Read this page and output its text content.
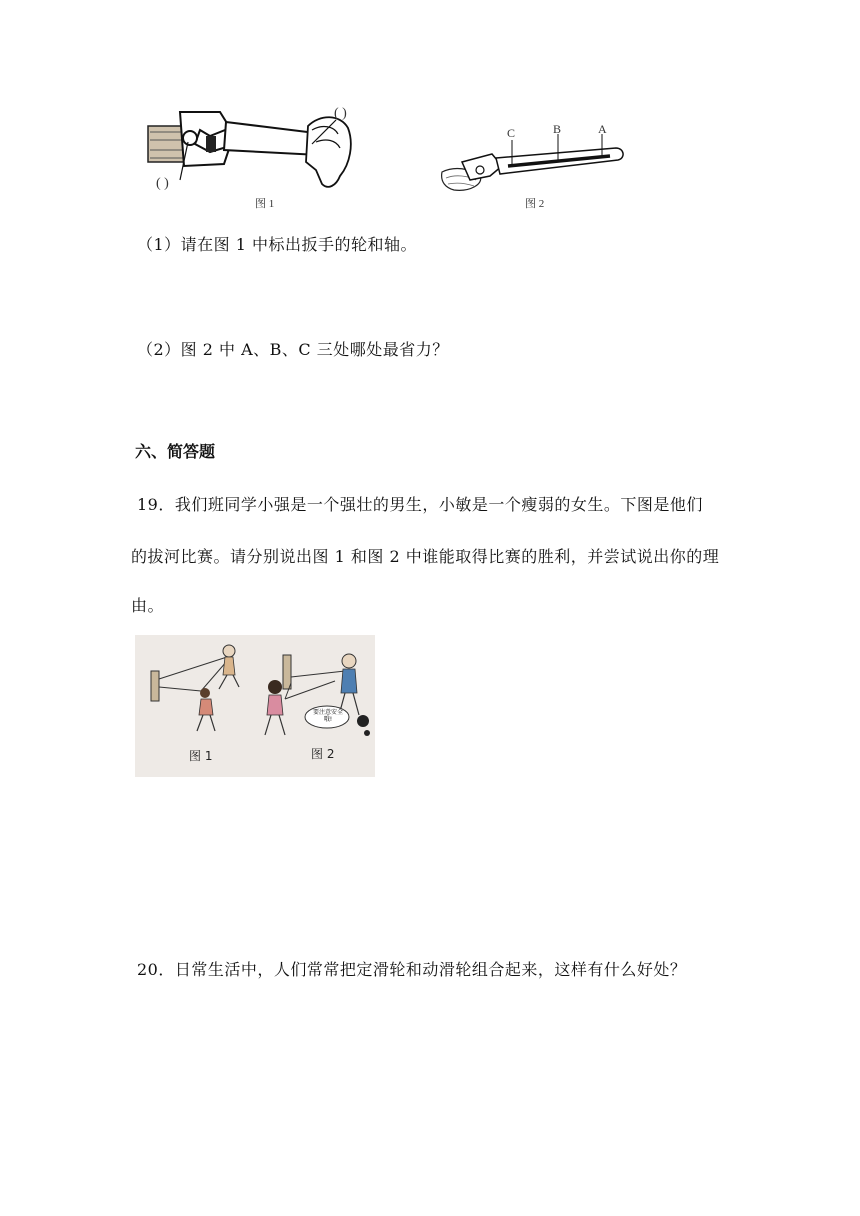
( )
( )
图 1
C	B	A
图 2
（1）请在图 1 中标出扳手的轮和轴。
（2）图 2 中 A、B、C 三处哪处最省力？
六、简答题
19．我们班同学小强是一个强壮的男生，小敏是一个瘦弱的女生。下图是他们
的拔河比赛。请分别说出图 1 和图 2 中谁能取得比赛的胜利，并尝试说出你的理
由。
图 1	图 2
要注意安全哦!
20．日常生活中，人们常常把定滑轮和动滑轮组合起来，这样有什么好处？
